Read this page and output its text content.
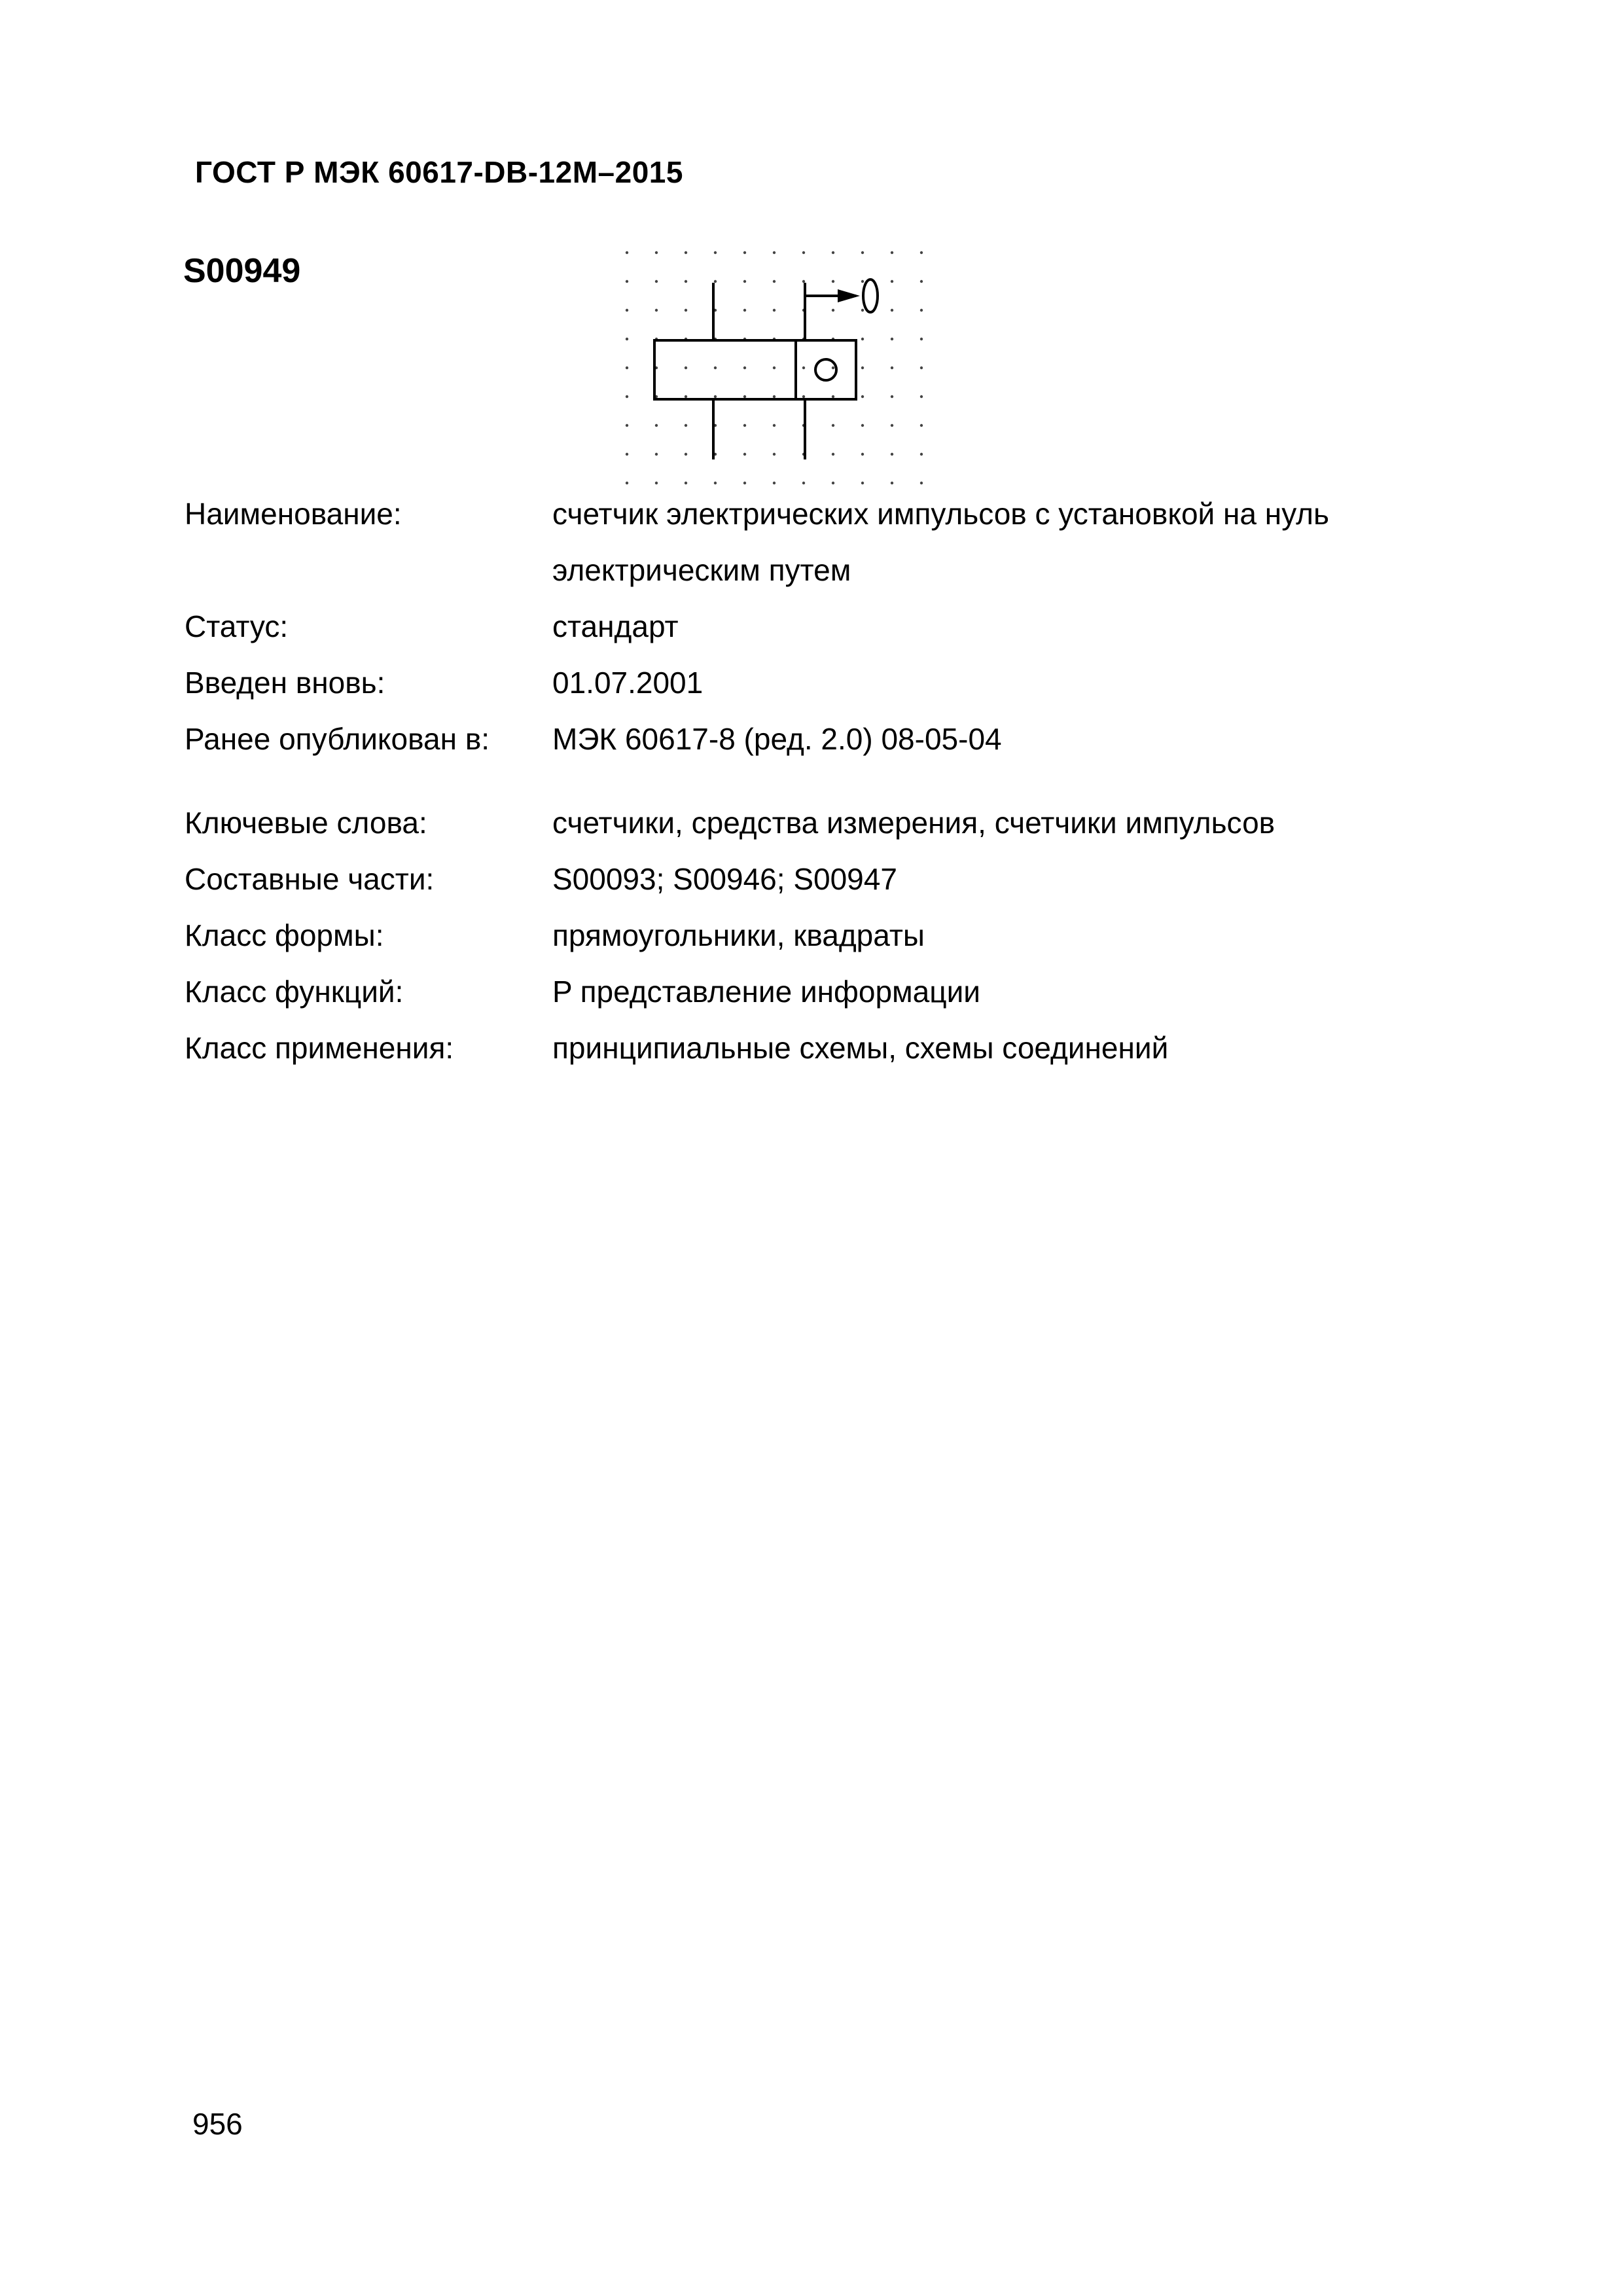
ГОСТ Р МЭК 60617-DB-12M–2015
S00949
Наименование:	счетчик электрических импульсов с установкой на нуль электрическим путем
Статус:	стандарт
Введен вновь:	01.07.2001
Ранее опубликован в: МЭК 60617-8 (ред. 2.0) 08-05-04
Ключевые слова:	счетчики, средства измерения, счетчики импульсов
Составные части:	S00093; S00946; S00947
Класс формы:	прямоугольники, квадраты
Класс функций:	P представление информации
Класс применения:	принципиальные схемы, схемы соединений
956
